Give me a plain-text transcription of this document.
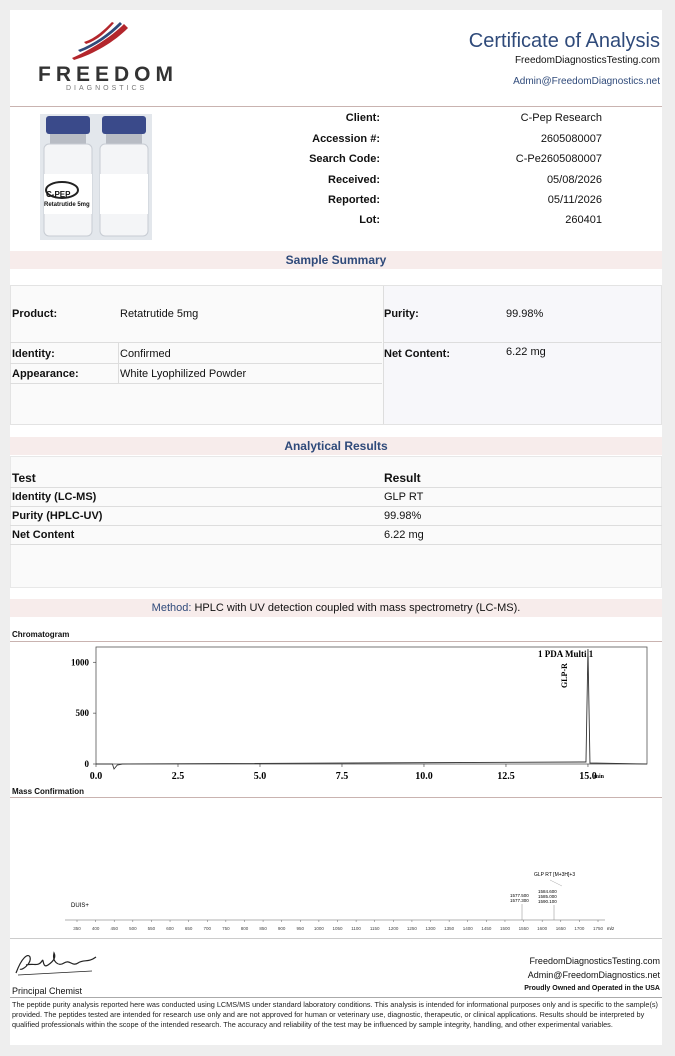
FREEDOM
DIAGNOSTICS
Certificate of Analysis
FreedomDiagnosticsTesting.com
Admin@FreedomDiagnostics.net
C-PEP
Retatrutide 5mg
Client:	C-Pep Research
Accession #:	2605080007
Search Code:	C-Pe2605080007
Received:	05/08/2026
Reported:	05/11/2026
Lot:	260401
Sample Summary
Product:	Retatrutide 5mg
Identity:	Confirmed
Appearance:	White Lyophilized Powder
Purity:	99.98%
Net Content:	6.22 mg
Analytical Results
Test	Result
Identity (LC-MS)	GLP RT
Purity (HPLC-UV)	99.98%
Net Content	6.22 mg
Method: HPLC with UV detection coupled with mass spectrometry (LC-MS).
Chromatogram
1 PDA Multi 1
GLP-R
min
0.0	2.5	5.0	7.5	10.0	12.5	15.0
0
500
1000
Mass Confirmation
GLP RT [M+3H]+3
1577.500
1577.300
1584.600
1585.000
1590.100
DUIS+
m/z
350 400 450 500 550 600 650 700 750 800 850 900 950 1000 1050 1100 1150 1200 1250 1300 1350 1400 1450 1500 1550 1600 1650 1700 1750
Principal Chemist
FreedomDiagnosticsTesting.com
Admin@FreedomDiagnostics.net
Proudly Owned and Operated in the USA
The peptide purity analysis reported here was conducted using LCMS/MS under standard laboratory conditions. This analysis is intended for informational purposes only and is specific to the sample(s) provided. The peptides tested are intended for research use only and are not approved for human or veterinary use, diagnostic, therapeutic, or clinical applications. Results should be interpreted by qualified professionals within the scope of the intended research. The accuracy and reliability of the test may be influenced by sample integrity, handling, and other experimental variables.
